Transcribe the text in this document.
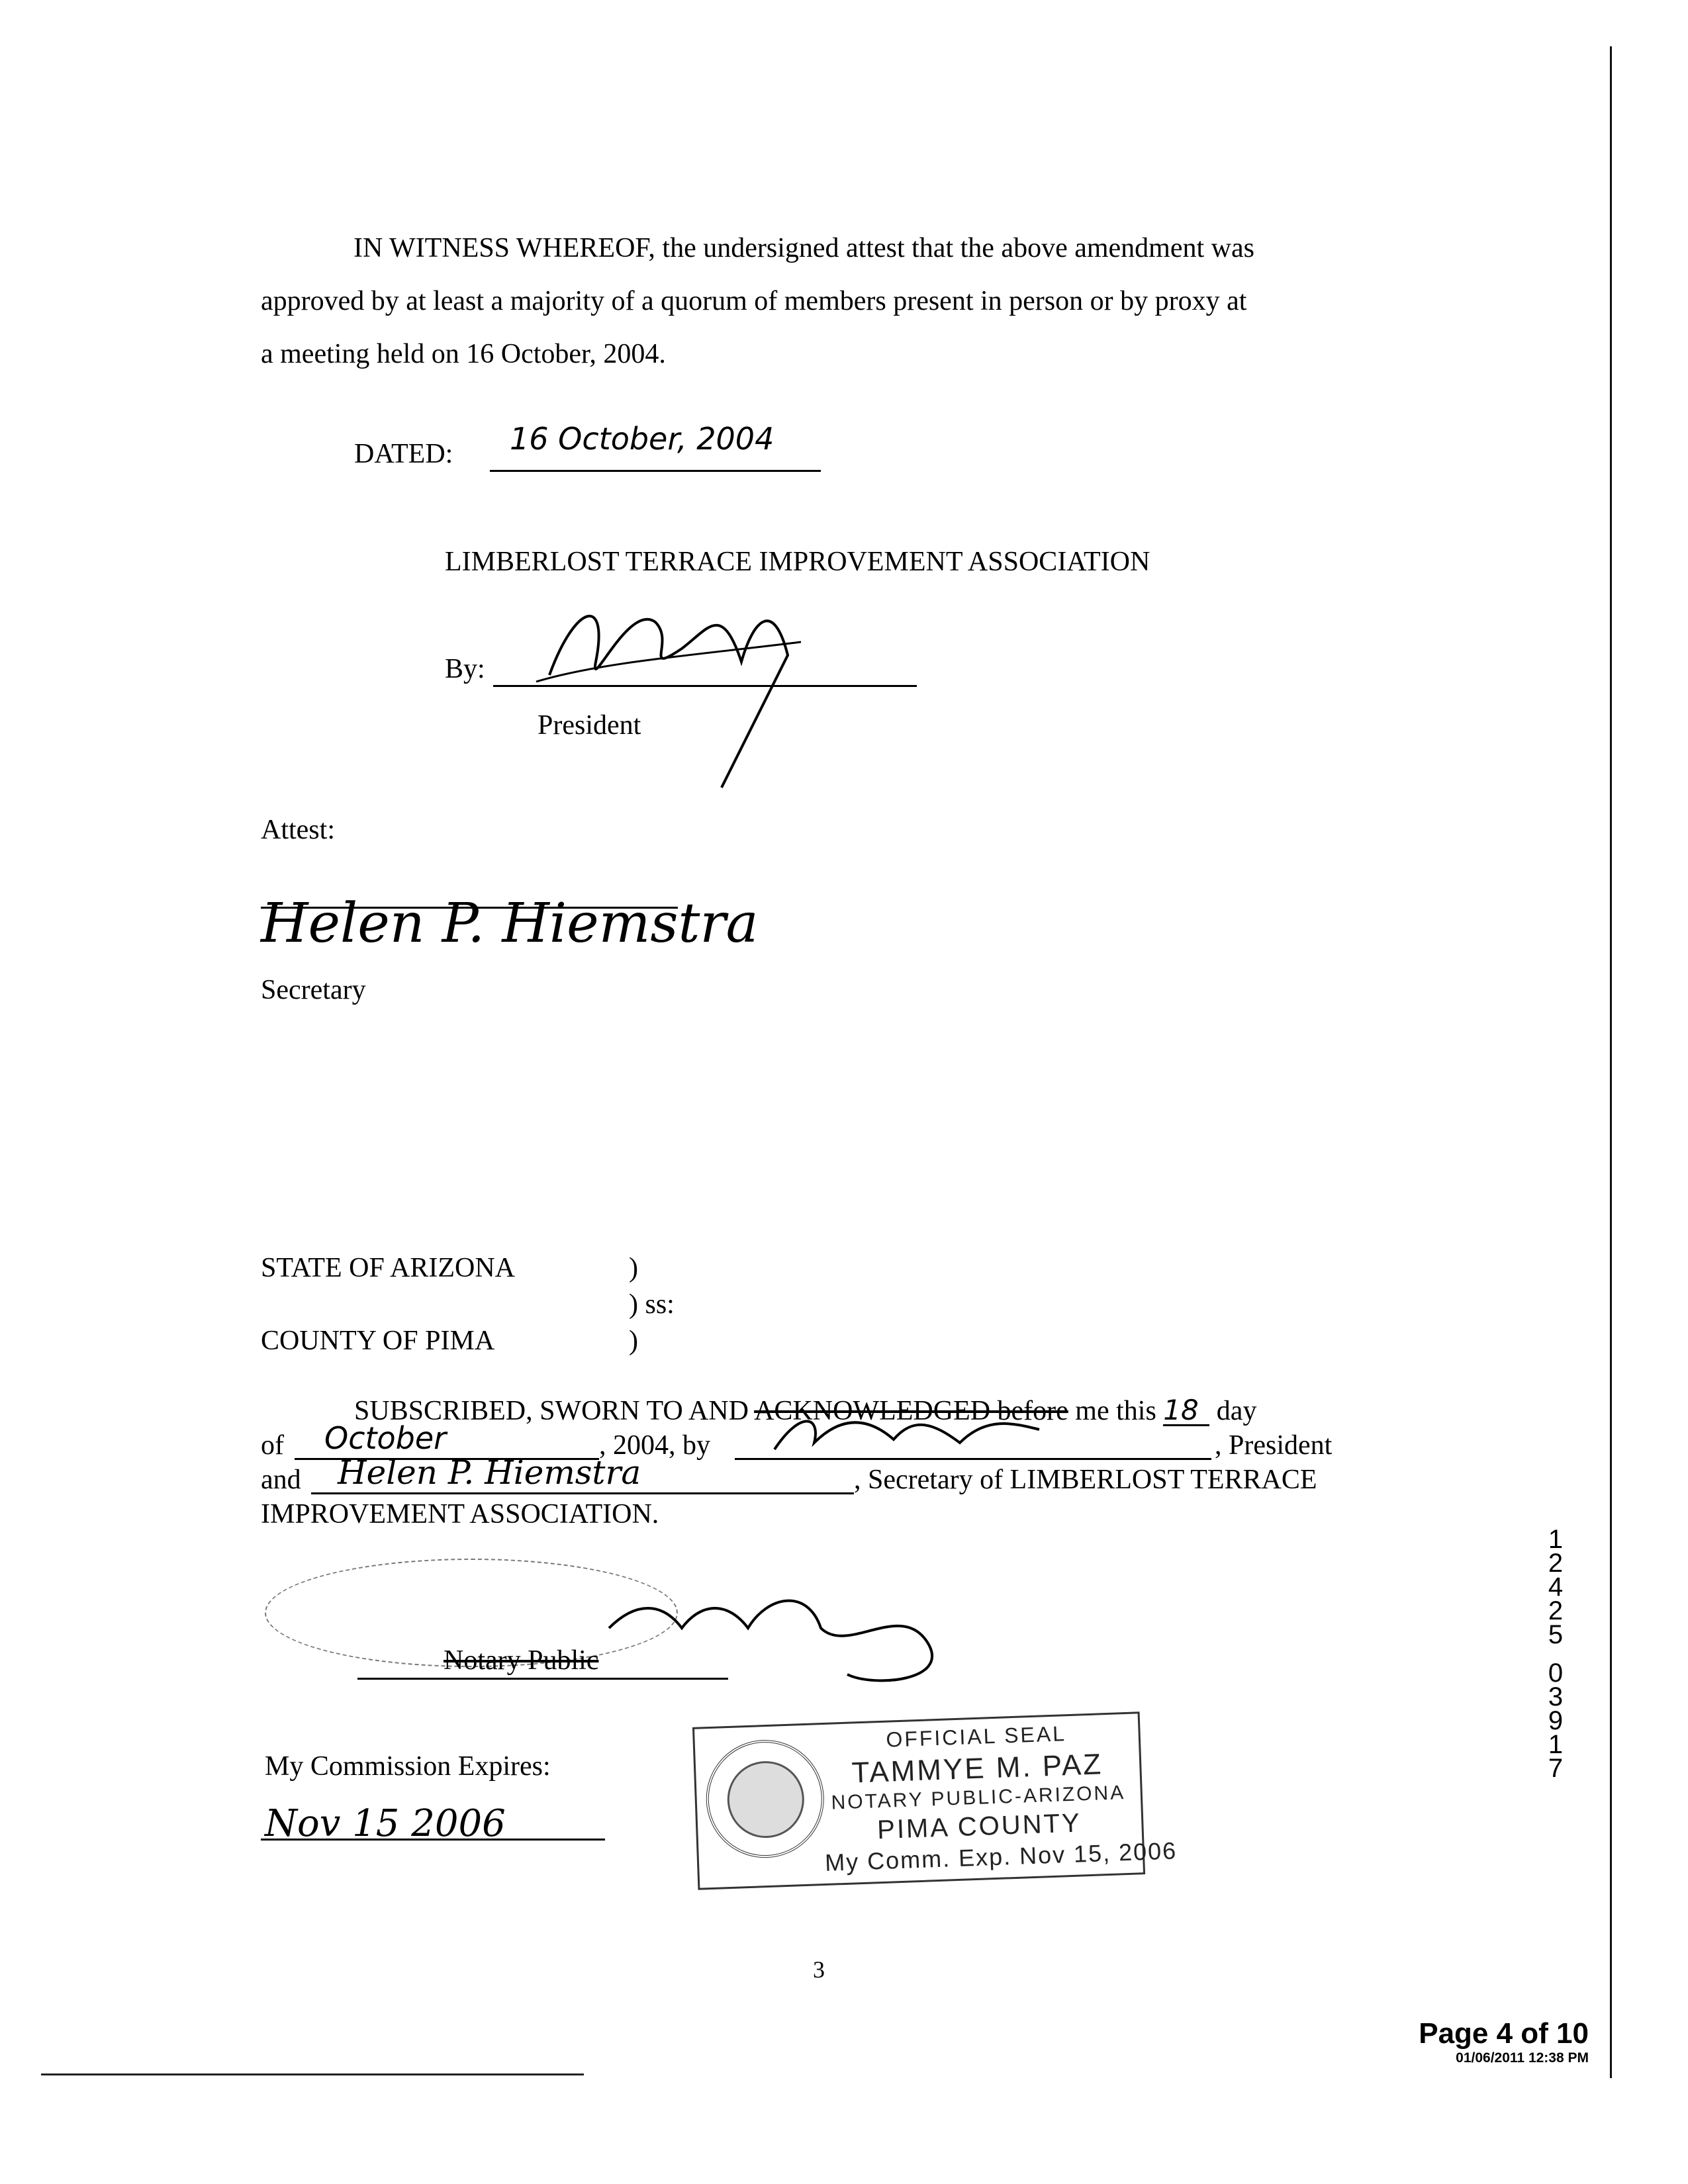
IN WITNESS WHEREOF, the undersigned attest that the above amendment was
approved by at least a majority of a quorum of members present in person or by proxy at
a meeting held on 16 October, 2004.
DATED: 16 October, 2004
LIMBERLOST TERRACE IMPROVEMENT ASSOCIATION
By:
President
Attest:
Helen P. Hiemstra
Secretary
STATE OF ARIZONA	)
) ss:
COUNTY OF PIMA	)
SUBSCRIBED, SWORN TO AND ACKNOWLEDGED before me this 18 day
of October	, 2004, by	, President
and Helen P. Hiemstra	, Secretary of LIMBERLOST TERRACE
IMPROVEMENT ASSOCIATION.
Notary Public
My Commission Expires:
Nov 15 2006
OFFICIAL SEAL
TAMMYE M. PAZ
NOTARY PUBLIC-ARIZONA
PIMA COUNTY
My Comm. Exp. Nov 15, 2006
1
2
4
2
5
0
3
9
1
7
3
Page 4 of 10
01/06/2011 12:38 PM
